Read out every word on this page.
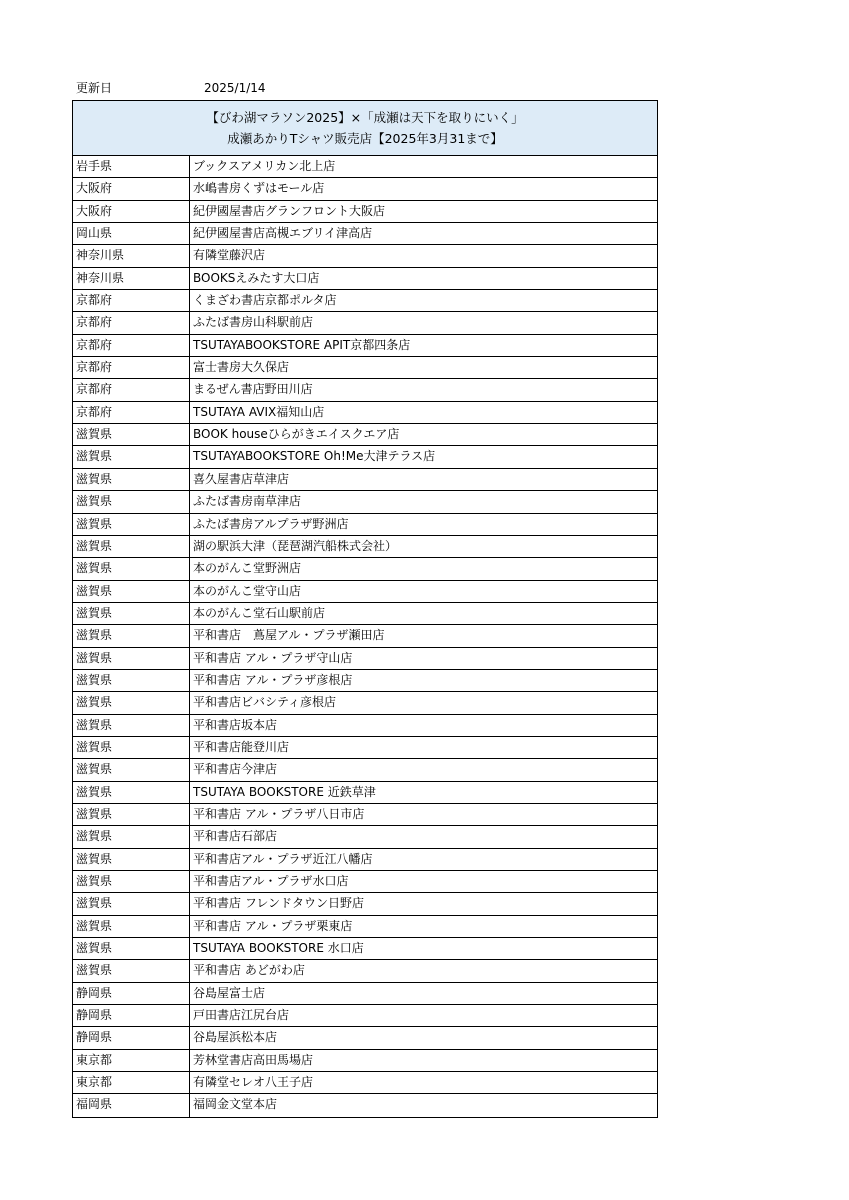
更新日	2025/1/14
【びわ湖マラソン2025】×「成瀬は天下を取りにいく」
成瀬あかりTシャツ販売店【2025年3月31まで】
岩手県	ブックスアメリカン北上店
大阪府	水嶋書房くずはモール店
大阪府	紀伊國屋書店グランフロント大阪店
岡山県	紀伊國屋書店高槻エブリイ津高店
神奈川県	有隣堂藤沢店
神奈川県	BOOKSえみたす大口店
京都府	くまざわ書店京都ポルタ店
京都府	ふたば書房山科駅前店
京都府	TSUTAYABOOKSTORE APIT京都四条店
京都府	富士書房大久保店
京都府	まるぜん書店野田川店
京都府	TSUTAYA AVIX福知山店
滋賀県	BOOK houseひらがきエイスクエア店
滋賀県	TSUTAYABOOKSTORE Oh!Me大津テラス店
滋賀県	喜久屋書店草津店
滋賀県	ふたば書房南草津店
滋賀県	ふたば書房アルプラザ野洲店
滋賀県	湖の駅浜大津（琵琶湖汽船株式会社）
滋賀県	本のがんこ堂野洲店
滋賀県	本のがんこ堂守山店
滋賀県	本のがんこ堂石山駅前店
滋賀県	平和書店　蔦屋アル・プラザ瀬田店
滋賀県	平和書店 アル・プラザ守山店
滋賀県	平和書店 アル・プラザ彦根店
滋賀県	平和書店ビバシティ彦根店
滋賀県	平和書店坂本店
滋賀県	平和書店能登川店
滋賀県	平和書店今津店
滋賀県	TSUTAYA BOOKSTORE 近鉄草津
滋賀県	平和書店 アル・プラザ八日市店
滋賀県	平和書店石部店
滋賀県	平和書店アル・プラザ近江八幡店
滋賀県	平和書店アル・プラザ水口店
滋賀県	平和書店 フレンドタウン日野店
滋賀県	平和書店 アル・プラザ栗東店
滋賀県	TSUTAYA BOOKSTORE 水口店
滋賀県	平和書店 あどがわ店
静岡県	谷島屋富士店
静岡県	戸田書店江尻台店
静岡県	谷島屋浜松本店
東京都	芳林堂書店高田馬場店
東京都	有隣堂セレオ八王子店
福岡県	福岡金文堂本店
